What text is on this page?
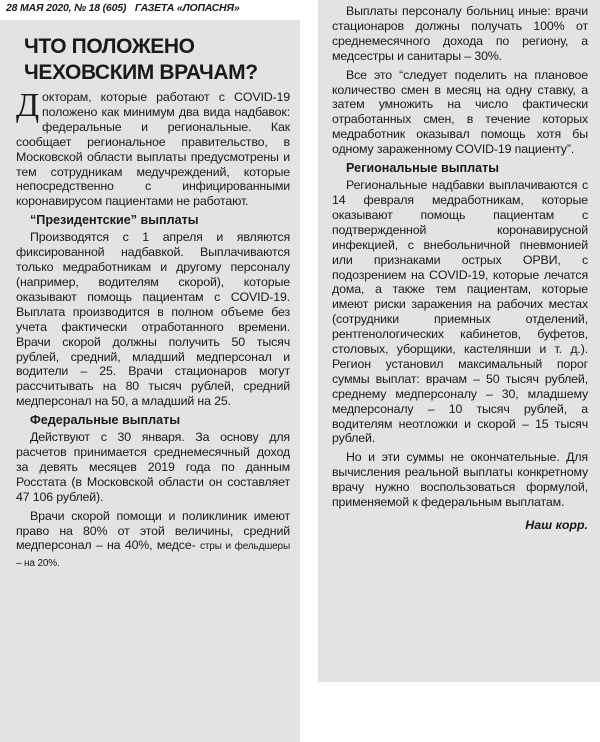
28 МАЯ 2020, № 18 (605) ГАЗЕТА «ЛОПАСНЯ»
ЧТО ПОЛОЖЕНО
ЧЕХОВСКИМ ВРАЧАМ?

Докторам, которые работают с COVID-19 положено как минимум два вида надбавок: федеральные и региональные. Как сообщает региональное правительство, в Московской области выплаты предусмотрены и тем сотрудникам медучреждений, которые непосредственно с инфицированными коронавирусом пациентами не работают.

“Президентские” выплаты

Производятся с 1 апреля и являются фиксированной надбавкой. Выплачиваются только медработникам и другому персоналу (например, водителям скорой), которые оказывают помощь пациентам с COVID-19. Выплата производится в полном объеме без учета фактически отработанного времени. Врачи скорой должны получить 50 тысяч рублей, средний, младший медперсонал и водители – 25. Врачи стационаров могут рассчитывать на 80 тысяч рублей, средний медперсонал на 50, а младший на 25.

Федеральные выплаты

Действуют с 30 января. За основу для расчетов принимается среднемесячный доход за девять месяцев 2019 года по данным Росстата (в Московской области он составляет 47 106 рублей).

Врачи скорой помощи и поликлиник имеют право на 80% от этой величины, средний медперсонал – на 40%, медсе- стры и фельдшеры – на 20%.

Выплаты персоналу больниц иные: врачи стационаров должны получать 100% от среднемесячного дохода по региону, а медсестры и санитары – 30%.

Все это “следует поделить на плановое количество смен в месяц на одну ставку, а затем умножить на число фактически отработанных смен, в течение которых медработник оказывал помощь хотя бы одному зараженному COVID-19 пациенту”.

Региональные выплаты

Региональные надбавки выплачиваются с 14 февраля медработникам, которые оказывают помощь пациентам с подтвержденной коронавирусной инфекцией, с внебольничной пневмонией или признаками острых ОРВИ, с подозрением на COVID-19, которые лечатся дома, а также тем пациентам, которые имеют риски заражения на рабочих местах (сотрудники приемных отделений, рентгенологических кабинетов, буфетов, столовых, уборщики, кастелянши и т. д.). Регион установил максимальный порог суммы выплат: врачам – 50 тысяч рублей, среднему медперсоналу – 30, младшему медперсоналу – 10 тысяч рублей, а водителям неотложки и скорой – 15 тысяч рублей.

Но и эти суммы не окончательные. Для вычисления реальной выплаты конкретному врачу нужно воспользоваться формулой, применяемой к федеральным выплатам.

Наш корр.
